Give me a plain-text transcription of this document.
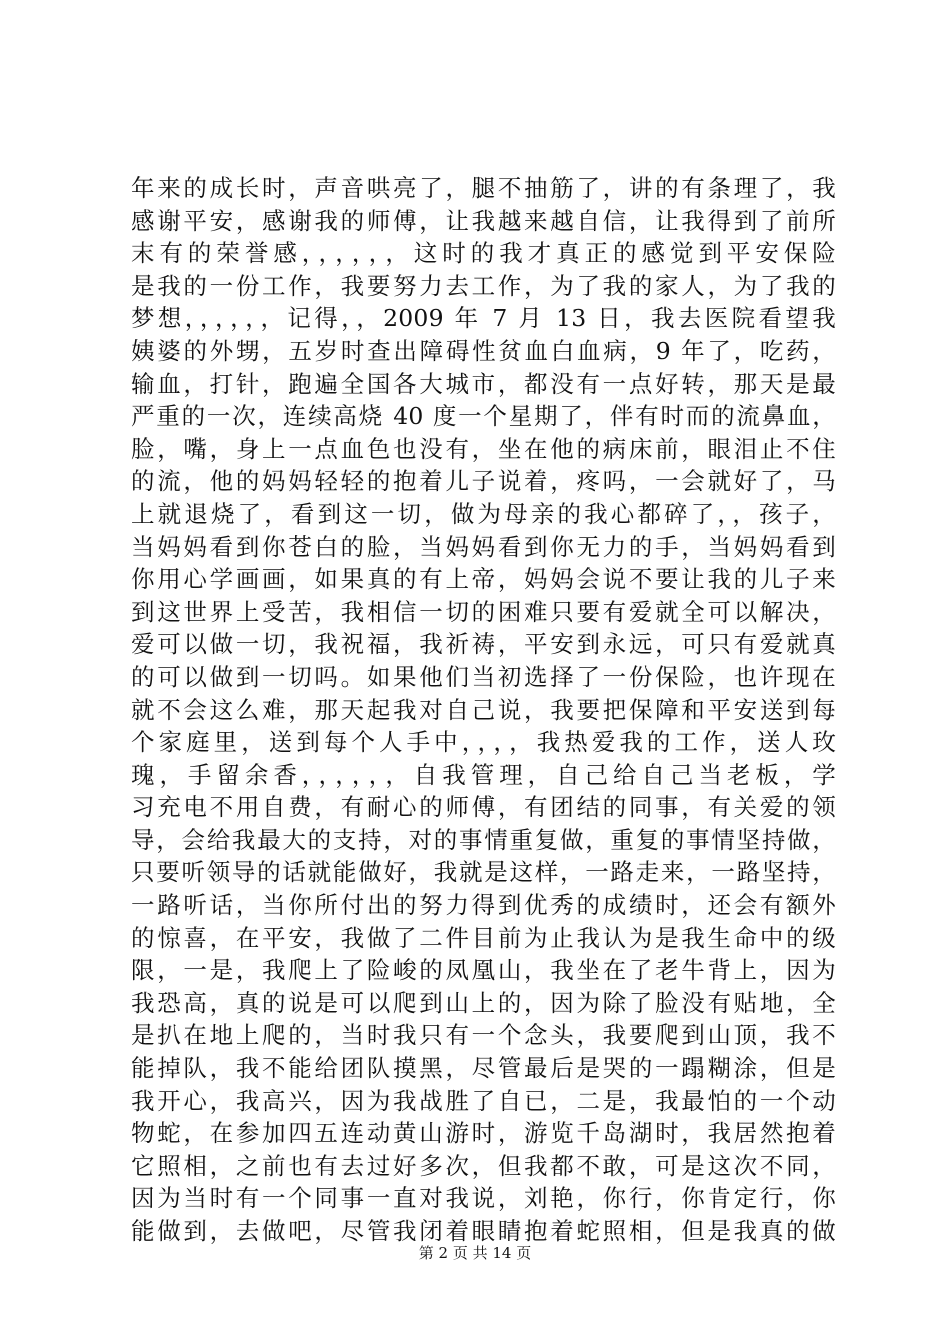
年来的成长时，声音哄亮了，腿不抽筋了，讲的有条理了，我
感谢平安，感谢我的师傅，让我越来越自信，让我得到了前所
末有的荣誉感，，，，，，这时的我才真正的感觉到平安保险
是我的一份工作，我要努力去工作，为了我的家人，为了我的
梦想，，，，，，记得，，2009 年 7 月 13 日，我去医院看望我
姨婆的外甥，五岁时查出障碍性贫血白血病，9 年了，吃药，
输血，打针，跑遍全国各大城市，都没有一点好转，那天是最
严重的一次，连续高烧 40 度一个星期了，伴有时而的流鼻血，
脸，嘴，身上一点血色也没有，坐在他的病床前，眼泪止不住
的流，他的妈妈轻轻的抱着儿子说着，疼吗，一会就好了，马
上就退烧了，看到这一切，做为母亲的我心都碎了，，孩子，
当妈妈看到你苍白的脸，当妈妈看到你无力的手，当妈妈看到
你用心学画画，如果真的有上帝，妈妈会说不要让我的儿子来
到这世界上受苦，我相信一切的困难只要有爱就全可以解决，
爱可以做一切，我祝福，我祈祷，平安到永远，可只有爱就真
的可以做到一切吗。如果他们当初选择了一份保险，也许现在
就不会这么难，那天起我对自己说，我要把保障和平安送到每
个家庭里，送到每个人手中，，，，我热爱我的工作，送人玫
瑰，手留余香，，，，，，自我管理，自己给自己当老板，学
习充电不用自费，有耐心的师傅，有团结的同事，有关爱的领
导，会给我最大的支持，对的事情重复做，重复的事情坚持做，
只要听领导的话就能做好，我就是这样，一路走来，一路坚持，
一路听话，当你所付出的努力得到优秀的成绩时，还会有额外
的惊喜，在平安，我做了二件目前为止我认为是我生命中的级
限，一是，我爬上了险峻的凤凰山，我坐在了老牛背上，因为
我恐高，真的说是可以爬到山上的，因为除了脸没有贴地，全
是扒在地上爬的，当时我只有一个念头，我要爬到山顶，我不
能掉队，我不能给团队摸黑，尽管最后是哭的一蹋糊涂，但是
我开心，我高兴，因为我战胜了自已，二是，我最怕的一个动
物蛇，在参加四五连动黄山游时，游览千岛湖时，我居然抱着
它照相，之前也有去过好多次，但我都不敢，可是这次不同，
因为当时有一个同事一直对我说，刘艳，你行，你肯定行，你
能做到，去做吧，尽管我闭着眼睛抱着蛇照相，但是我真的做
第 2 页 共 14 页
